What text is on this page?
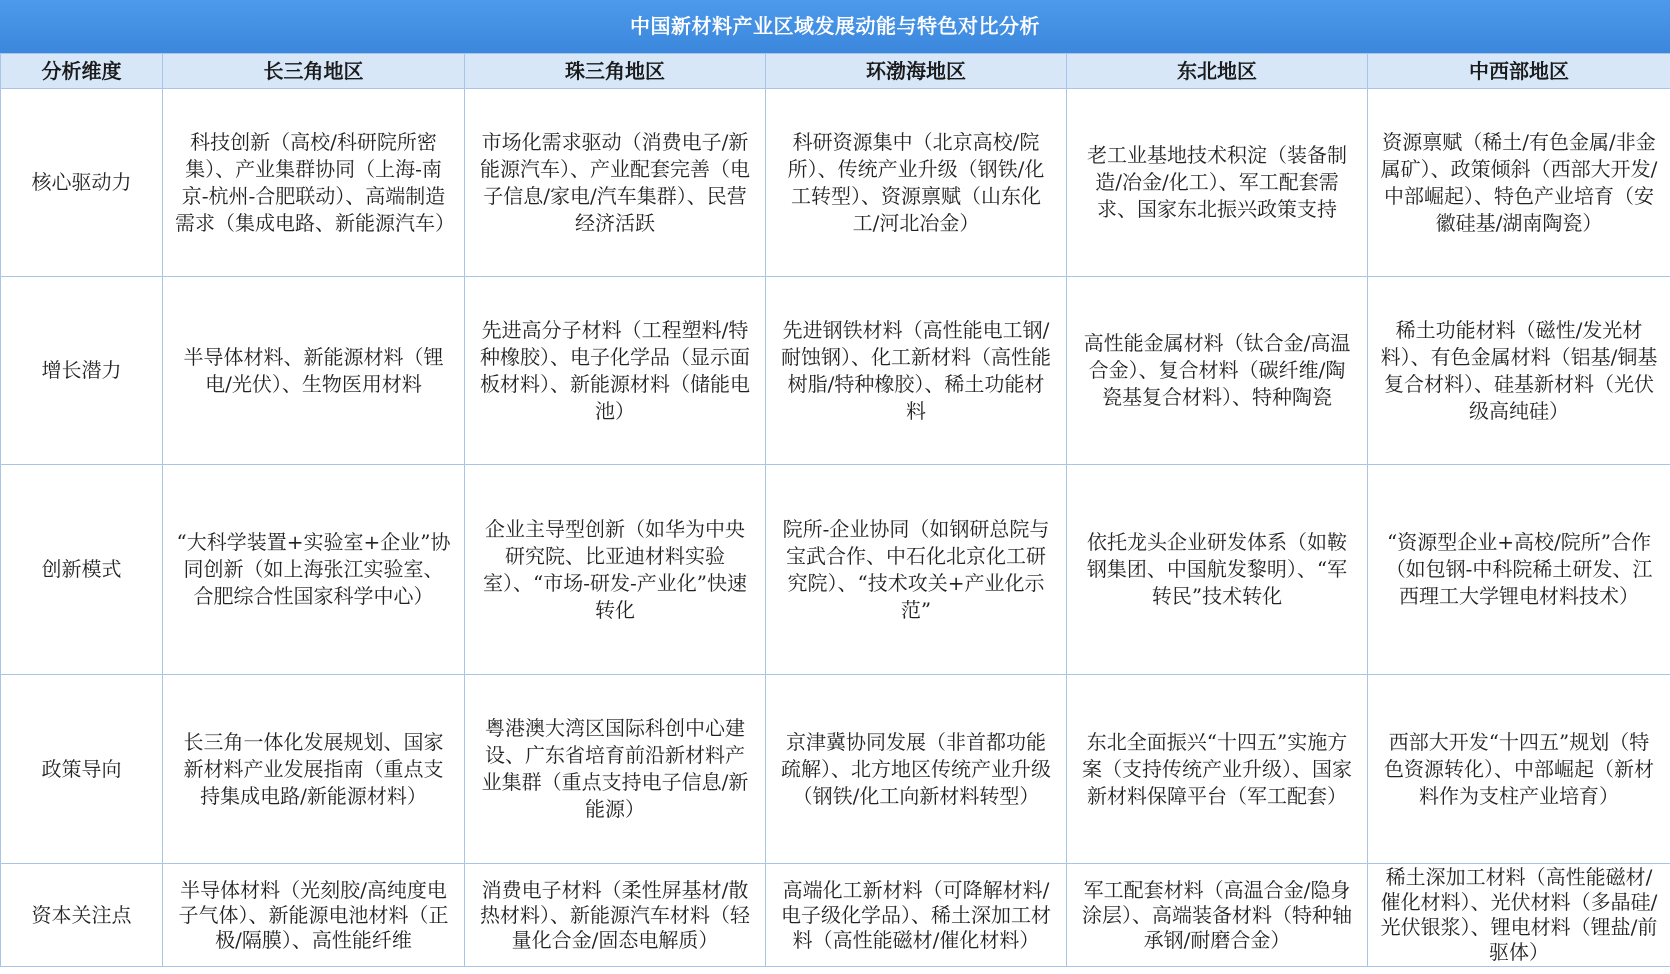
中国新材料产业区域发展动能与特色对比分析
分析维度	长三角地区	珠三角地区	环渤海地区	东北地区	中西部地区
核心驱动力	科技创新（高校/科研院所密集）、产业集群协同（上海-南京-杭州-合肥联动）、高端制造需求（集成电路、新能源汽车）	市场化需求驱动（消费电子/新能源汽车）、产业配套完善（电子信息/家电/汽车集群）、民营经济活跃	科研资源集中（北京高校/院所）、传统产业升级（钢铁/化工转型）、资源禀赋（山东化工/河北冶金）	老工业基地技术积淀（装备制造/冶金/化工）、军工配套需求、国家东北振兴政策支持	资源禀赋（稀土/有色金属/非金属矿）、政策倾斜（西部大开发/中部崛起）、特色产业培育（安徽硅基/湖南陶瓷）
增长潜力	半导体材料、新能源材料（锂电/光伏）、生物医用材料	先进高分子材料（工程塑料/特种橡胶）、电子化学品（显示面板材料）、新能源材料（储能电池）	先进钢铁材料（高性能电工钢/耐蚀钢）、化工新材料（高性能树脂/特种橡胶）、稀土功能材料	高性能金属材料（钛合金/高温合金）、复合材料（碳纤维/陶瓷基复合材料）、特种陶瓷	稀土功能材料（磁性/发光材料）、有色金属材料（铝基/铜基复合材料）、硅基新材料（光伏级高纯硅）
创新模式	“大科学装置+实验室+企业”协同创新（如上海张江实验室、合肥综合性国家科学中心）	企业主导型创新（如华为中央研究院、比亚迪材料实验室）、“市场-研发-产业化”快速转化	院所-企业协同（如钢研总院与宝武合作、中石化北京化工研究院）、“技术攻关+产业化示范”	依托龙头企业研发体系（如鞍钢集团、中国航发黎明）、“军转民”技术转化	“资源型企业+高校/院所”合作（如包钢-中科院稀土研发、江西理工大学锂电材料技术）
政策导向	长三角一体化发展规划、国家新材料产业发展指南（重点支持集成电路/新能源材料）	粤港澳大湾区国际科创中心建设、广东省培育前沿新材料产业集群（重点支持电子信息/新能源）	京津冀协同发展（非首都功能疏解）、北方地区传统产业升级（钢铁/化工向新材料转型）	东北全面振兴“十四五”实施方案（支持传统产业升级）、国家新材料保障平台（军工配套）	西部大开发“十四五”规划（特色资源转化）、中部崛起（新材料作为支柱产业培育）
资本关注点	半导体材料（光刻胶/高纯度电子气体）、新能源电池材料（正极/隔膜）、高性能纤维	消费电子材料（柔性屏基材/散热材料）、新能源汽车材料（轻量化合金/固态电解质）	高端化工新材料（可降解材料/电子级化学品）、稀土深加工材料（高性能磁材/催化材料）	军工配套材料（高温合金/隐身涂层）、高端装备材料（特种轴承钢/耐磨合金）	稀土深加工材料（高性能磁材/催化材料）、光伏材料（多晶硅/光伏银浆）、锂电材料（锂盐/前驱体）
